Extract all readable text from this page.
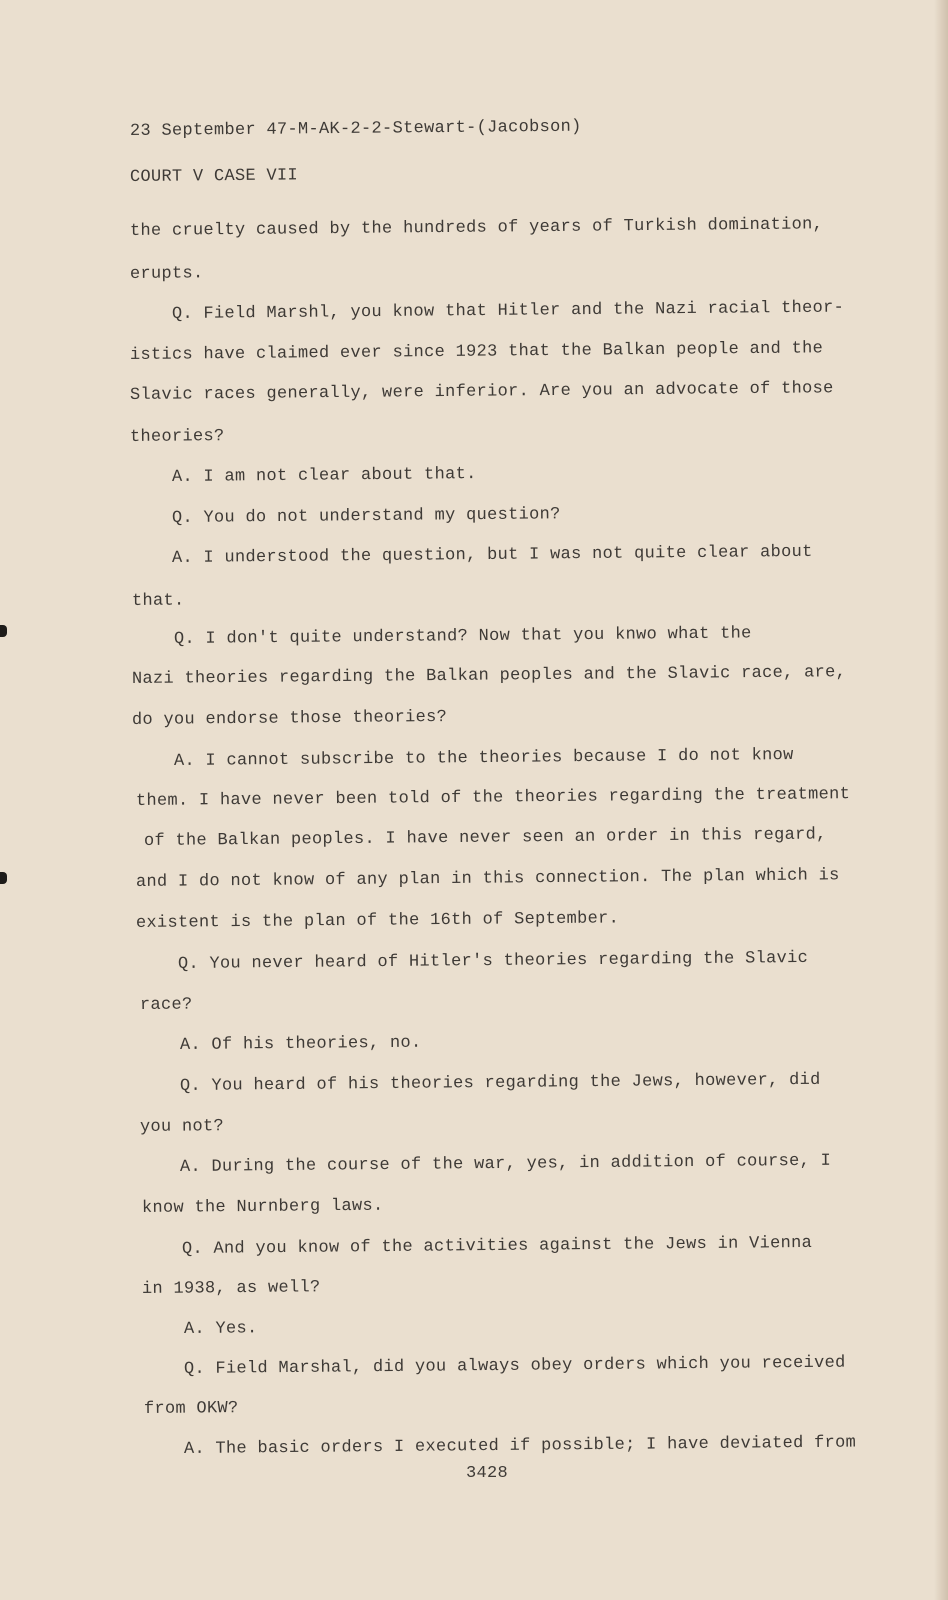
23 September 47-M-AK-2-2-Stewart-(Jacobson)
COURT V CASE VII
the cruelty caused by the hundreds of years of Turkish domination,
erupts.
Q. Field Marshl, you know that Hitler and the Nazi racial theor-
istics have claimed ever since 1923 that the Balkan people and the
Slavic races generally, were inferior. Are you an advocate of those
theories?
A. I am not clear about that.
Q. You do not understand my question?
A. I understood the question, but I was not quite clear about
that.
Q. I don't quite understand? Now that you knwo what the
Nazi theories regarding the Balkan peoples and the Slavic race, are,
do you endorse those theories?
A. I cannot subscribe to the theories because I do not know
them. I have never been told of the theories regarding the treatment
of the Balkan peoples. I have never seen an order in this regard,
and I do not know of any plan in this connection. The plan which is
existent is the plan of the 16th of September.
Q. You never heard of Hitler's theories regarding the Slavic
race?
A. Of his theories, no.
Q. You heard of his theories regarding the Jews, however, did
you not?
A. During the course of the war, yes, in addition of course, I
know the Nurnberg laws.
Q. And you know of the activities against the Jews in Vienna
in 1938, as well?
A. Yes.
Q. Field Marshal, did you always obey orders which you received
from OKW?
A. The basic orders I executed if possible; I have deviated from
3428
